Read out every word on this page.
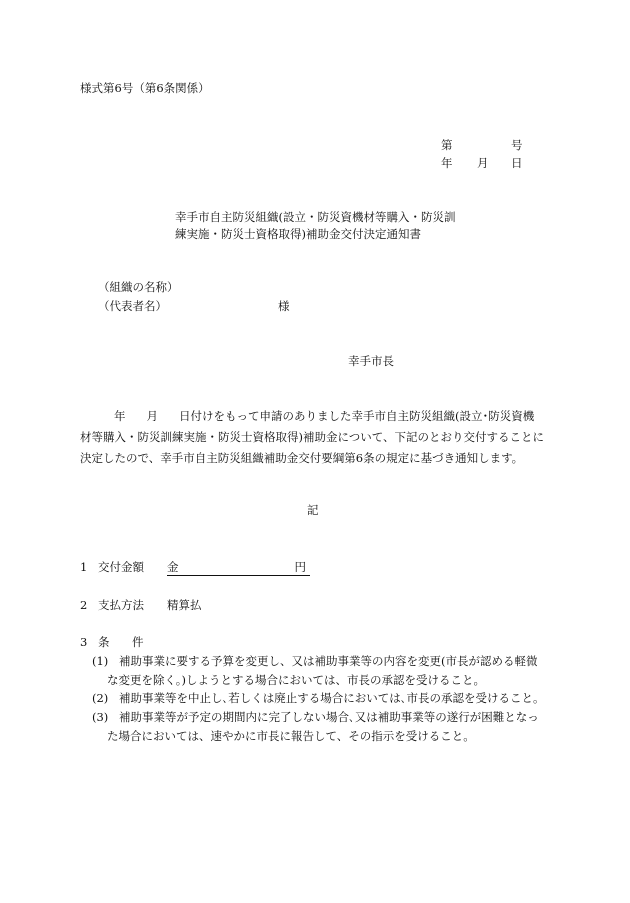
様式第6号（第6条関係）
第	号
年 月 日
幸手市自主防災組織(設立・防災資機材等購入・防災訓
練実施・防災士資格取得)補助金交付決定通知書
（組織の名称）
（代表者名）	様
幸手市長
年 月 日付けをもって申請のありました幸手市自主防災組織(設立･防災資機
材等購入・防災訓練実施・防災士資格取得)補助金について、下記のとおり交付することに
決定したので、幸手市自主防災組織補助金交付要綱第6条の規定に基づき通知します。
記
1 交付金額 金	円
2 支払方法 精算払
3 条 件
(1) 補助事業に要する予算を変更し、又は補助事業等の内容を変更(市長が認める軽微
な変更を除く。)しようとする場合においては、市長の承認を受けること。
(2) 補助事業等を中止し､若しくは廃止する場合においては､市長の承認を受けること。
(3) 補助事業等が予定の期間内に完了しない場合､又は補助事業等の遂行が困難となっ
た場合においては、速やかに市長に報告して、その指示を受けること。
